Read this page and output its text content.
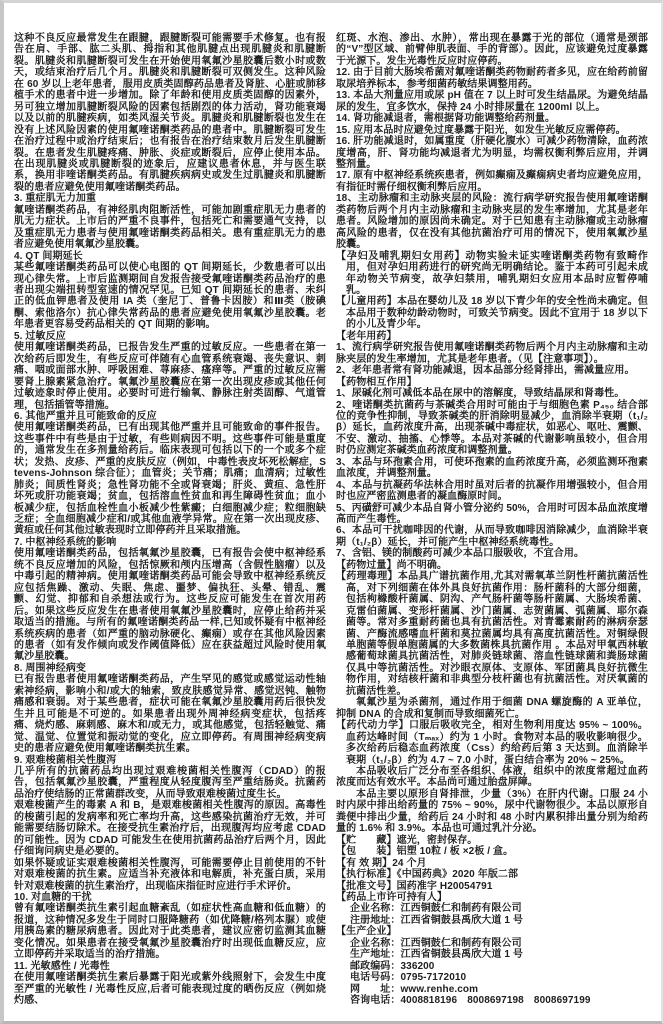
这种不良反应最常发生在跟腱，跟腱断裂可能需要手术修复。也有报告在肩、手部、肱二头肌、拇指和其他肌腱点出现肌腱炎和肌腱断裂。肌腱炎和肌腱断裂可发生在开始使用氧氟沙星胶囊后数小时或数天，或结束治疗后几个月。肌腱炎和肌腱断裂可双侧发生。这种风险在 60 岁以上老年患者，服用皮质类固醇药品患者及肾脏、心脏或肺移植手术的患者中进一步增加。除了年龄和使用皮质类固醇的因素外，另可独立增加肌腱断裂风险的因素包括剧烈的体力活动，肾功能衰竭以及以前的肌腱疾病，如类风湿关节炎。肌腱炎和肌腱断裂也发生在没有上述风险因素的使用氟喹诺酮类药品的患者中。肌腱断裂可发生在治疗过程中或治疗结束后；也有报告在治疗结束数月后发生肌腱断裂。在患者发生肌腱疼痛、肿胀、炎症或断裂后，应停止使用本品。在出现肌腱炎或肌腱断裂的迹象后，应建议患者休息，并与医生联系，换用非喹诺酮类药品。有肌腱疾病病史或发生过肌腱炎和肌腱断裂的患者应避免使用氟喹诺酮类药品。

3. 重症肌无力加重

氟喹诺酮类药品，有神经肌肉阻断活性，可能加剧重症肌无力患者的肌无力症状。上市后的严重不良事件，包括死亡和需要通气支持，以及重症肌无力患者与使用氟喹诺酮类药品相关。患有重症肌无力的患者应避免使用氧氟沙星胶囊。

4. QT 间期延长

某些氟喹诺酮类药品可以使心电图的 QT 间期延长，少数患者可以出现心律失常。上市后监测期间自发报告接受氟喹诺酮类药品治疗的患者出现尖端扭转型室速的情况罕见。已知 QT 间期延长的患者、未纠正的低血钾患者及使用 IA 类（奎尼丁、普鲁卡因胺）和Ⅲ类（胺碘酮、索他洛尔）抗心律失常药品的患者应避免使用氧氟沙星胶囊。老年患者更容易受药品相关的 QT 间期的影响。

5. 过敏反应

使用氟喹诺酮类药品，已报告发生严重的过敏反应。一些患者在第一次给药后即发生，有些反应可伴随有心血管系统衰竭、丧失意识、刺痛、咽或面部水肿、呼吸困难、荨麻疹、瘙痒等。严重的过敏反应需要肾上腺素紧急治疗。氧氟沙星胶囊应在第一次出现皮疹或其他任何过敏迹象时停止使用。必要时可进行输氧、静脉注射类固醇、气道管理，包括插管等措施。

6. 其他严重并且可能致命的反应

使用氟喹诺酮类药品，已有出现其他严重并且可能致命的事件报告。这些事件中有些是由于过敏，有些则病因不明。这些事件可能是重度的，通常发生在多剂量给药后。临床表现可包括以下的一个或多个症状；发热、皮疹、严重的皮肤反应（例如，中毒性表皮坏死松解症，Stevens-Johnson 综合征）；血管炎；关节痛；肌痛；血清病；过敏性肺炎；间质性肾炎；急性肾功能不全或肾衰竭；肝炎、黄疸、急性肝坏死或肝功能衰竭；贫血，包括溶血性贫血和再生障碍性贫血；血小板减少症，包括血栓性血小板减少性紫癜；白细胞减少症；粒细胞缺乏症；全血细胞减少症和/或其他血液学异常。应在第一次出现皮疹、黄疸或任何其他过敏表现时立即停药并且采取措施。

7. 中枢神经系统的影响

使用氟喹诺酮类药品，包括氧氟沙星胶囊，已有报告会使中枢神经系统不良反应增加的风险，包括惊厥和颅内压增高（含假性脑瘤）以及中毒引起的精神病。使用氟喹诺酮类药品可能会导致中枢神经系统反应包括焦躁、激动、失眠、焦虑、噩梦、偏执狂、头晕、错乱、震颤、幻觉、抑郁和自杀想法或行为。这些反应可能发生在首次用药后。如果这些反应发生在患者使用氧氟沙星胶囊时，应停止给药并采取适当的措施。与所有的氟喹诺酮类药品一样,已知或怀疑有中枢神经系统疾病的患者（如严重的脑动脉硬化、癫痫）或存在其他风险因素的患者（如有发作倾向或发作阈值降低）应在获益超过风险时使用氧氟沙星胶囊。

8. 周围神经病变

已有报告患者使用氟喹诺酮类药品，产生罕见的感觉或感觉运动性轴索神经病，影响小和/或大的轴索，致皮肤感觉异常、感觉迟钝、触物痛感和衰弱。对于某些患者，症状可能在氧氟沙星胶囊用药后很快发生并且可能是不可逆的。如果患者出现外周神经病变症状，包括疼痛、烧灼感、麻刺感、麻木和/或无力，或其他感觉，包括轻触觉、痛觉、温觉、位置觉和振动觉的变化，应立即停药。有周围神经病变病史的患者应避免使用氟喹诺酮类抗生素。

9. 艰难梭菌相关性腹泻

几乎所有的抗菌药品均出现过艰难梭菌相关性腹泻（CDAD）的报告，包括氧氟沙星胶囊，严重程度从轻度腹泻至严重结肠炎。抗菌药品治疗使结肠的正常菌群改变，从而导致艰难梭菌过度生长。

艰难梭菌产生的毒素 A 和 B，是艰难梭菌相关性腹泻的原因。高毒性的梭菌引起的发病率和死亡率均升高，这些感染抗菌治疗无效，并可能需要结肠切除术。在接受抗生素治疗后，出现腹泻均应考虑 CDAD 的可能性。因为 CDAD 可能发生在使用抗菌药品治疗后两个月，因此仔细询问病史是必要的。

如果怀疑或证实艰难梭菌相关性腹泻，可能需要停止目前使用的不针对艰难梭菌的抗生素。应适当补充液体和电解质，补充蛋白质，采用针对艰难梭菌的抗生素治疗，出现临床指征时应进行手术评价。

10. 对血糖的干扰

曾有氟喹诺酮类抗生素引起血糖紊乱（如症状性高血糖和低血糖）的报道，这种情况多发生于同时口服降糖药（如优降糖/格列本脲）或使用胰岛素的糖尿病患者。因此对于此类患者，建议应密切监测其血糖变化情况。如果患者在接受氧氟沙星胶囊治疗时出现低血糖反应，应立即停药并采取适当的治疗措施。

11. 光敏感性 / 光毒性

在使用氟喹诺酮类抗生素后暴露于阳光或紫外线照射下，会发生中度至严重的光敏性 / 光毒性反应,后者可能表现过度的晒伤反应（例如烧灼感、

红斑、水泡、渗出、水肿），常出现在暴露于光的部位（通常是颈部的“V”型区域、前臂伸肌表面、手的背部）。因此，应该避免过度暴露于光源下。发生光毒性反应时应停药。

12. 由于目前大肠埃希菌对氟喹诺酮类药物耐药者多见，应在给药前留取尿培养标本，参考细菌药敏结果调整用药。

13. 本品大剂量应用或尿 pH 值在 7 以上时可发生结晶尿。为避免结晶尿的发生，宜多饮水，保持 24 小时排尿量在 1200ml 以上。

14. 肾功能减退者，需根据肾功能调整给药剂量。

15. 应用本品时应避免过度暴露于阳光，如发生光敏反应需停药。

16. 肝功能减退时，如属重度（肝硬化腹水）可减少药物清除，血药浓度增高，肝、肾功能均减退者尤为明显，均需权衡利弊后应用，并调整剂量。

17. 原有中枢神经系统疾患者，例如癫痫及癫痫病史者均应避免应用，有指征时需仔细权衡利弊后应用。

18、主动脉瘤和主动脉夹层的风险：流行病学研究报告使用氟喹诺酮类药物后两个月内主动脉瘤和主动脉夹层的发生率增加，尤其是老年患者。风险增加的原因尚未确定。对于已知患有主动脉瘤或主动脉瘤高风险的患者，仅在没有其他抗菌治疗可用的情况下，使用氧氟沙星胶囊。

【孕妇及哺乳期妇女用药】动物实验未证实喹诺酮类药物有致畸作用，但对孕妇用药进行的研究尚无明确结论。鉴于本药可引起未成年动物关节病变，故孕妇禁用，哺乳期妇女应用本品时应暂停哺乳。

【儿童用药】本品在婴幼儿及 18 岁以下青少年的安全性尚未确定。但本品用于数种幼龄动物时，可致关节病变。因此不宜用于 18 岁以下的小儿及青少年。

【老年用药】

1、流行病学研究报告使用氟喹诺酮类药物后两个月内主动脉瘤和主动脉夹层的发生率增加，尤其是老年患者。（见【注意事项】）。

2、老年患者常有肾功能减退，因本品部分经肾排出，需减量应用。

【药物相互作用】

1、尿碱化剂可减低本品在尿中的溶解度，导致结晶尿和肾毒性。

2、喹诺酮类抗菌药与茶碱类合用时可能由于与细胞色素 P₄₅₀ 结合部位的竞争性抑制，导致茶碱类的肝消除明显减少，血消除半衰期（t₁/₂β）延长，血药浓度升高，出现茶碱中毒症状，如恶心、呕吐、震颤、不安、激动、抽搐、心悸等。本品对茶碱的代谢影响虽较小，但合用时仍应测定茶碱类血药浓度和调整剂量。

3、本品与环孢素合用，可使环孢素的血药浓度升高，必须监测环孢素血浓度，并调整剂量。

4、本品与抗凝药华法林合用时虽对后者的抗凝作用增强较小，但合用时也应严密监测患者的凝血酶原时间。

5、丙磺舒可减少本品自肾小管分泌约 50%，合用时可因本品血浓度增高而产生毒性。

6、本品可干扰咖啡因的代谢，从而导致咖啡因消除减少，血消除半衰期（t₁/₂β）延长，并可能产生中枢神经系统毒性。

7、含铝、镁的制酸药可减少本品口服吸收，不宜合用。

【药物过量】尚不明确。

【药理毒理】本品具广谱抗菌作用,尤其对需氧革兰阴性杆菌抗菌活性高，对下列细菌在体外具良好抗菌作用：肠杆菌科的大部分细菌，包括枸橼酸杆菌属、阴沟、产气肠杆菌等肠杆菌属、大肠埃希菌、克雷伯菌属、变形杆菌属、沙门菌属、志贺菌属、弧菌属、耶尔森菌等。常对多重耐药菌也具有抗菌活性。对青霉素耐药的淋病奈瑟菌、产酶流感嗜血杆菌和莫拉菌属均具有高度抗菌活性。对铜绿假单胞菌等假单胞菌属的大多数菌株具抗菌作用 。本品对甲氧西林敏感葡萄球菌具抗菌活性，对肺炎链球菌、溶血性链球菌和粪肠球菌仅具中等抗菌活性。对沙眼衣原体、支原体、军团菌具良好抗微生物作用，对结核杆菌和非典型分枝杆菌也有抗菌活性。对厌氧菌的抗菌活性差。

氧氟沙星为杀菌剂，通过作用于细菌 DNA 螺旋酶的 A 亚单位，抑制 DNA 的合成和复制而导致细菌死亡。

【药代动力学】口服后吸收完全，相对生物利用度达 95% ~ 100%。血药达峰时间（Tₘₐₓ）约为 1 小时。食物对本品的吸收影响很少。多次给药后稳态血药浓度（Css）约给药后第 3 天达到。血消除半衰期（t₁/₂β）约为 4.7 ~ 7.0 小时，蛋白结合率为 20% ~ 25%。

本品吸收后广泛分布至各组织、体液，组织中的浓度常超过血药浓度而达有效水平。本品尚可通过胎盘屏障。

本品主要以原形自肾排泄，少量（3%）在肝内代谢。口服 24 小时内尿中排出给药量的 75% ~ 90%，尿中代谢物很少。本品以原形自粪便中排出少量，给药后 24 小时和 48 小时内累积排出量分别为给药量的 1.6% 和 3.9%。本品也可通过乳汁分泌。

【贮　　藏】遮光，密封保存。

【包　　装】铝塑 10粒 / 板 ×2板 / 盒。

【有 效 期】24 个月

【执行标准】《中国药典》2020 年版二部

【批准文号】国药准字 H20054791

【药品上市许可持有人】

企业名称：江西铜鼓仁和制药有限公司

注册地址：江西省铜鼓县禹欣大道 1 号

【生产企业】

企业名称：江西铜鼓仁和制药有限公司

生产地址：江西省铜鼓县禹欣大道 1 号

邮政编码：336200

电话号码：0795-7172010

网　　址：www.renhe.com

咨询电话：4008818196　8008697198　8008697199
